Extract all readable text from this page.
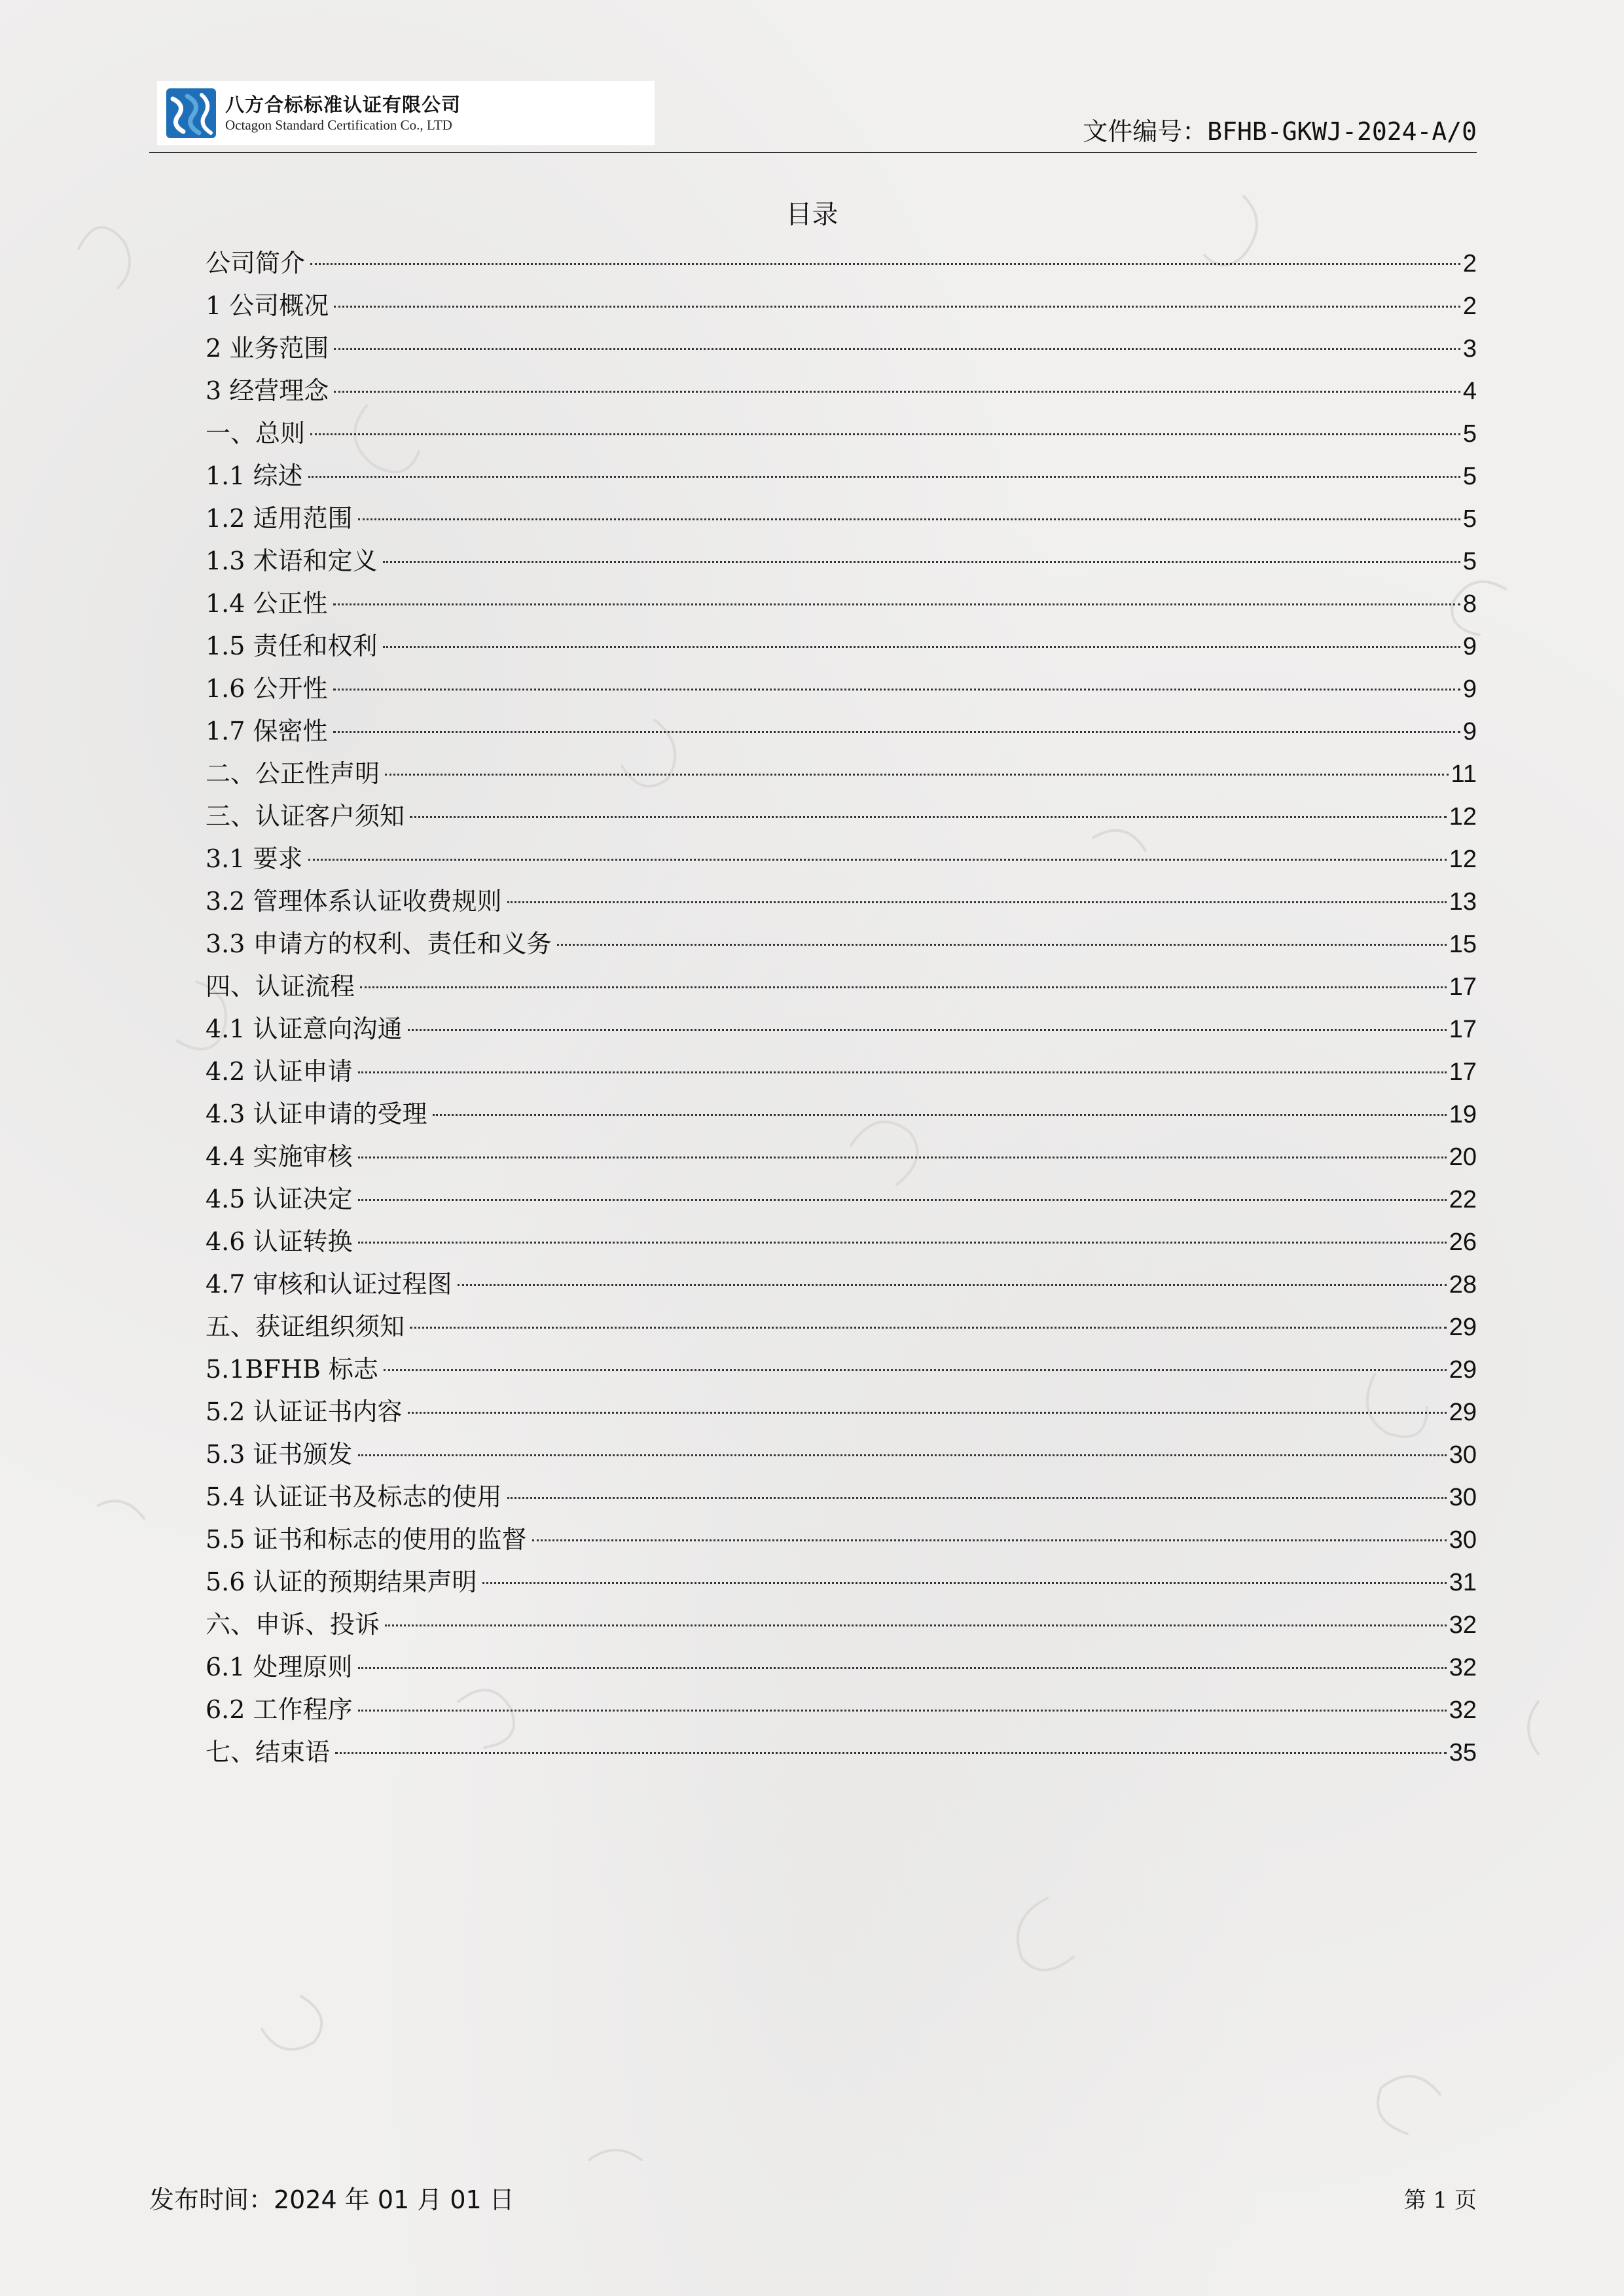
八方合标标准认证有限公司
Octagon Standard Certification Co., LTD	文件编号：BFHB-GKWJ-2024-A/0
目录
公司简介	2
1 公司概况	2
2 业务范围	3
3 经营理念	4
一、总则	5
1.1 综述	5
1.2 适用范围	5
1.3 术语和定义	5
1.4 公正性	8
1.5 责任和权利	9
1.6 公开性	9
1.7 保密性	9
二、公正性声明	11
三、认证客户须知	12
3.1 要求	12
3.2 管理体系认证收费规则	13
3.3 申请方的权利、责任和义务	15
四、认证流程	17
4.1 认证意向沟通	17
4.2 认证申请	17
4.3 认证申请的受理	19
4.4 实施审核	20
4.5 认证决定	22
4.6 认证转换	26
4.7 审核和认证过程图	28
五、获证组织须知	29
5.1BFHB 标志	29
5.2 认证证书内容	29
5.3 证书颁发	30
5.4 认证证书及标志的使用	30
5.5 证书和标志的使用的监督	30
5.6 认证的预期结果声明	31
六、申诉、投诉	32
6.1 处理原则	32
6.2 工作程序	32
七、结束语	35
发布时间：2024 年 01 月 01 日	第 1 页
